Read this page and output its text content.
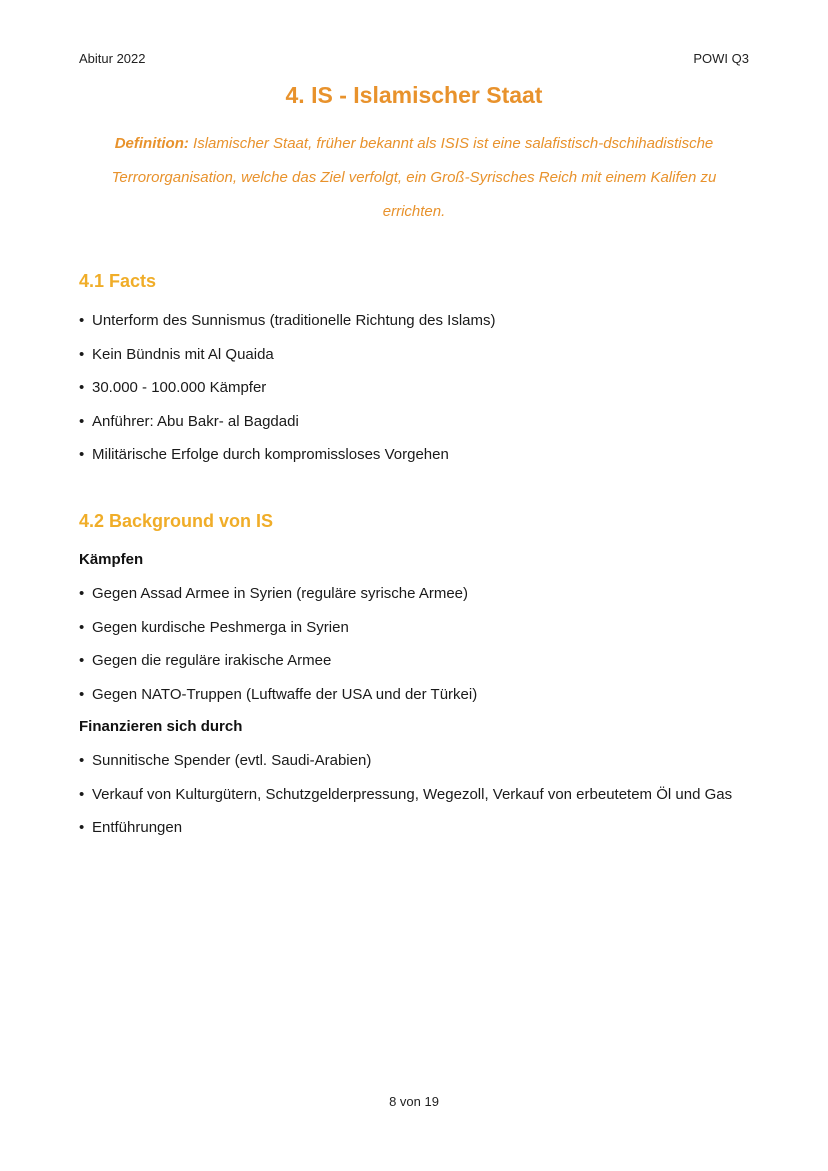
Abitur 2022	POWI Q3
4. IS - Islamischer Staat
Definition: Islamischer Staat, früher bekannt als ISIS ist eine salafistisch-dschihadistische Terrororganisation, welche das Ziel verfolgt, ein Groß-Syrisches Reich mit einem Kalifen zu errichten.
4.1 Facts
• Unterform des Sunnismus (traditionelle Richtung des Islams)
• Kein Bündnis mit Al Quaida
• 30.000 - 100.000 Kämpfer
• Anführer: Abu Bakr- al Bagdadi
• Militärische Erfolge durch kompromissloses Vorgehen
4.2 Background von IS
Kämpfen
• Gegen Assad Armee in Syrien (reguläre syrische Armee)
• Gegen kurdische Peshmerga in Syrien
• Gegen die reguläre irakische Armee
• Gegen NATO-Truppen (Luftwaffe der USA und der Türkei)
Finanzieren sich durch
• Sunnitische Spender (evtl. Saudi-Arabien)
• Verkauf von Kulturgütern, Schutzgelderpressung, Wegezoll, Verkauf von erbeutetem Öl und Gas
• Entführungen
8 von 19
